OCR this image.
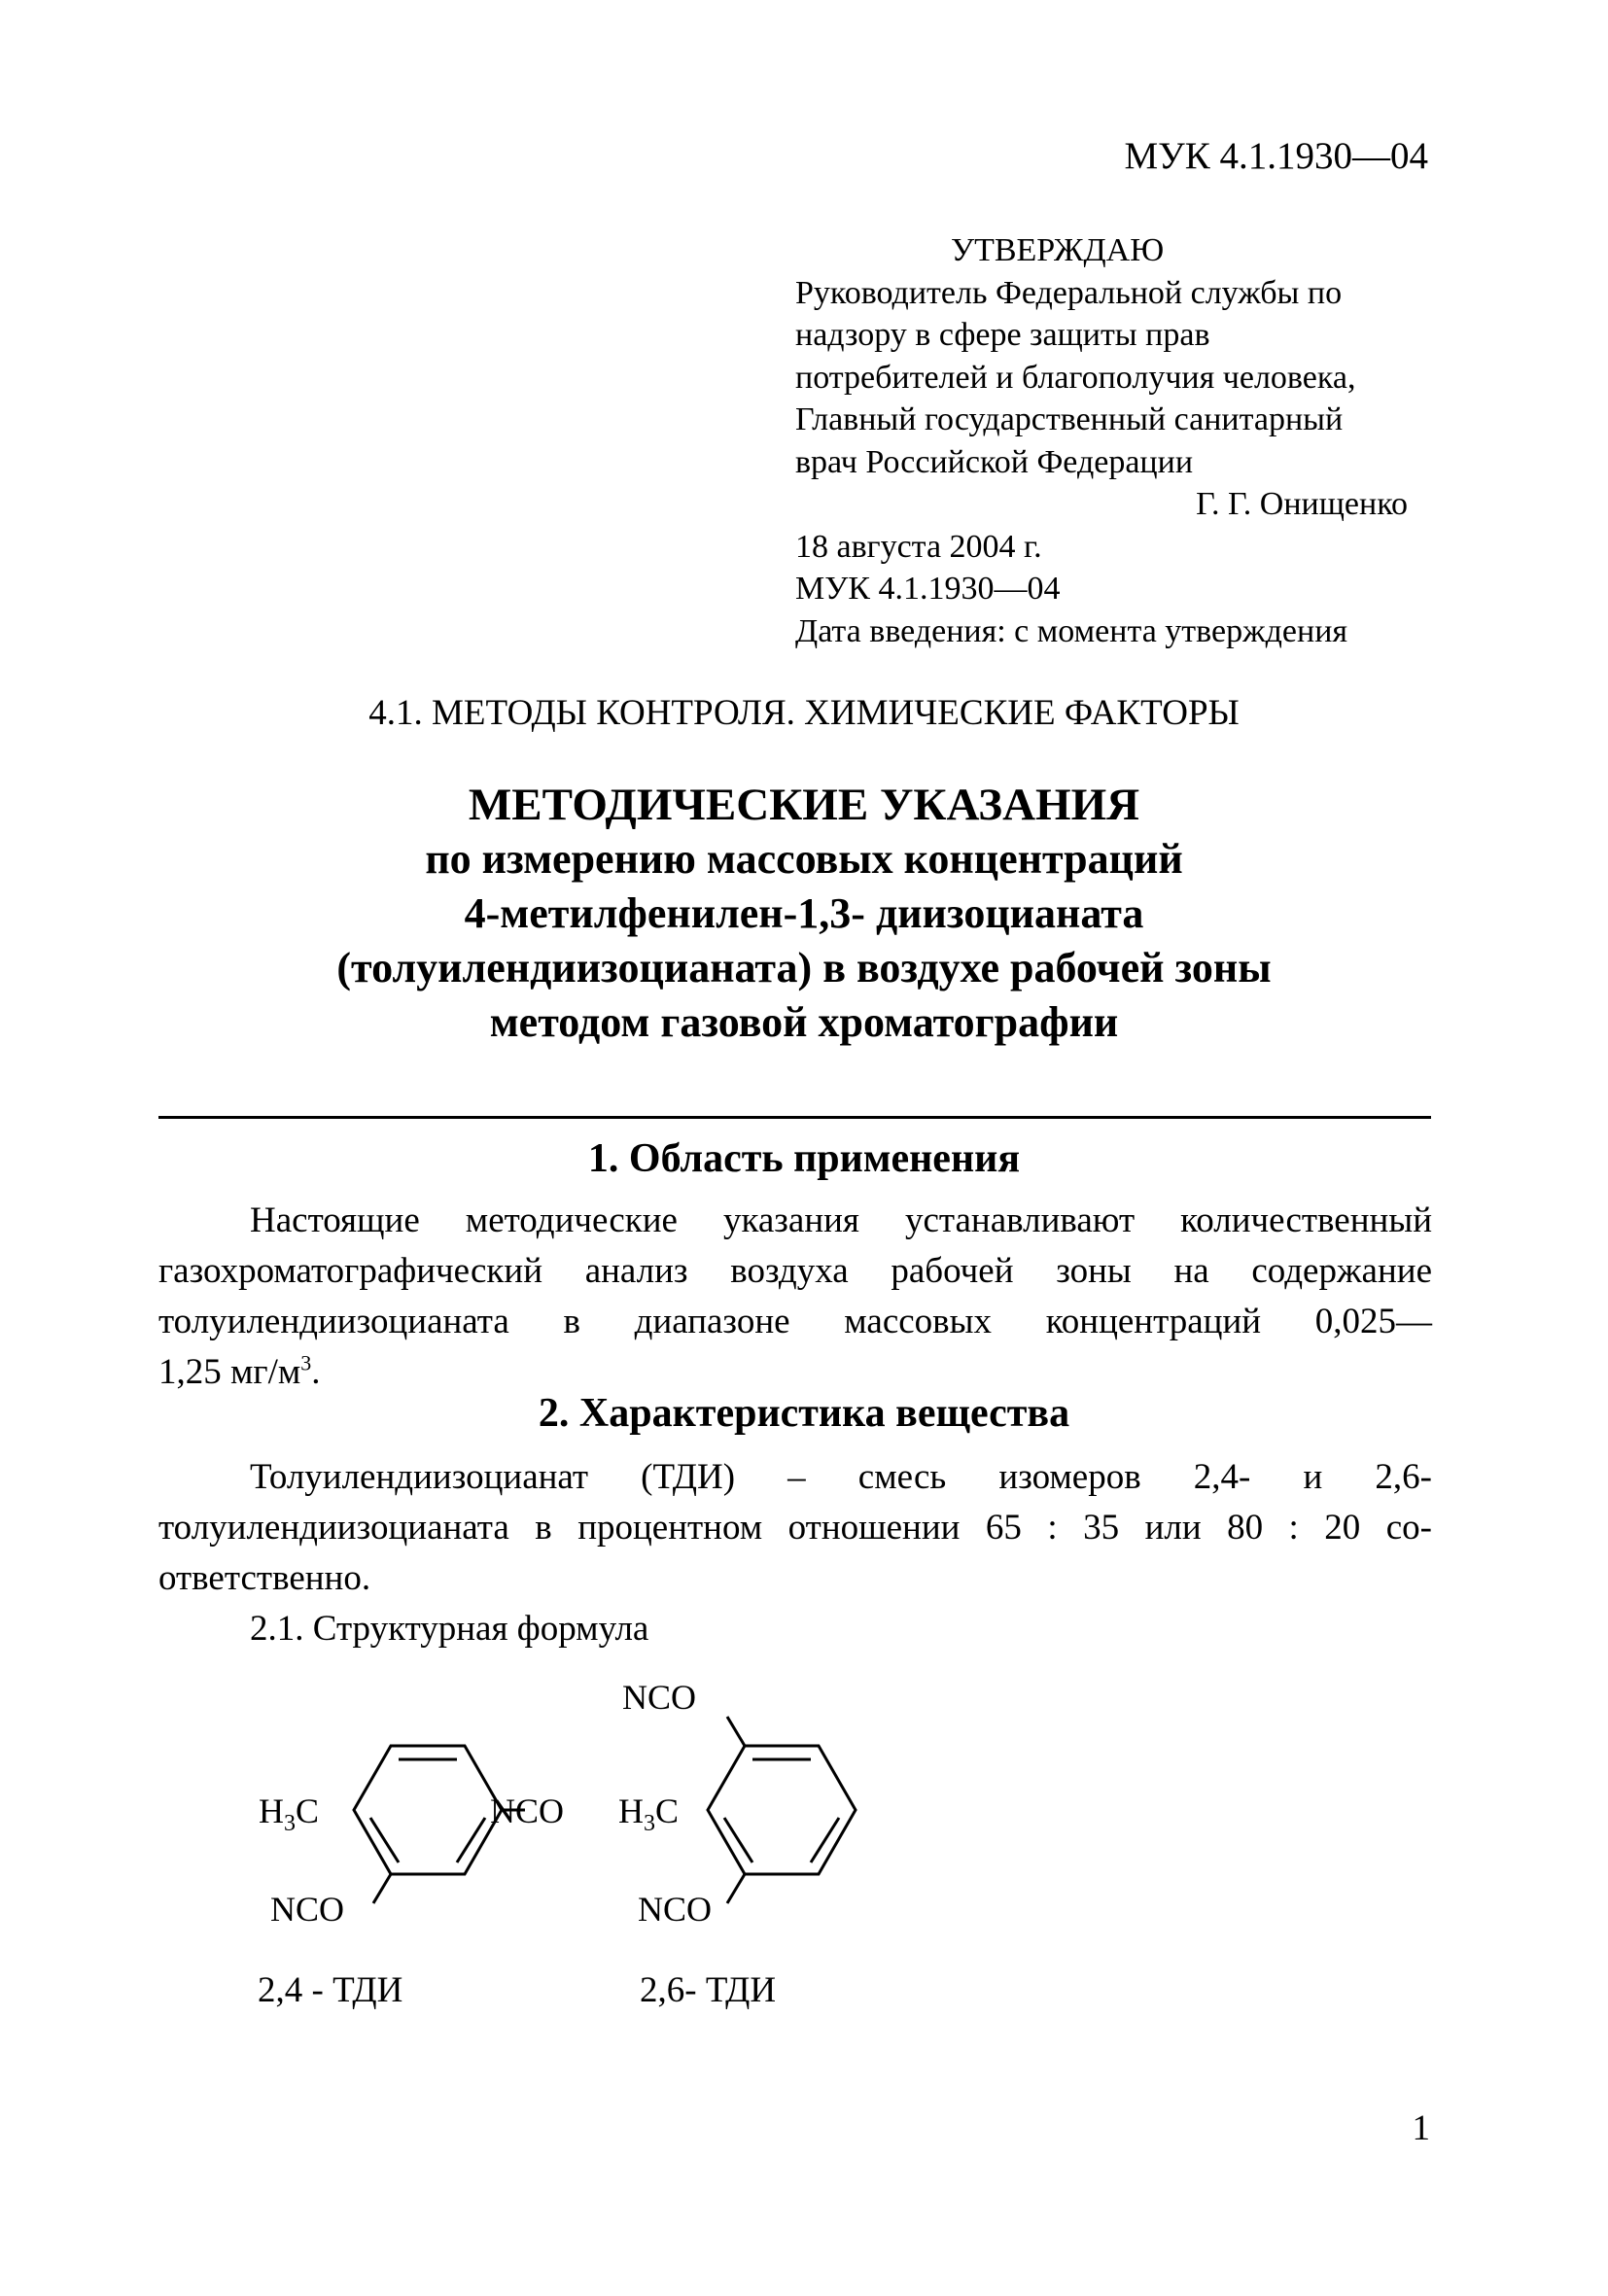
МУК 4.1.1930—04
УТВЕРЖДАЮ
Руководитель Федеральной службы по
надзору в сфере защиты прав
потребителей и благополучия человека,
Главный государственный санитарный
врач Российской Федерации
Г. Г. Онищенко
18 августа 2004 г.
МУК 4.1.1930—04
Дата введения: с момента утверждения
4.1. МЕТОДЫ КОНТРОЛЯ. ХИМИЧЕСКИЕ ФАКТОРЫ
МЕТОДИЧЕСКИЕ УКАЗАНИЯ
по измерению массовых концентраций
4-метилфенилен-1,3- диизоцианата
(толуилендиизоцианата) в воздухе рабочей зоны
методом газовой хроматографии
1. Область применения
Настоящие методические указания устанавливают количественный
газохроматографический анализ воздуха рабочей зоны на содержание
толуилендиизоцианата в диапазоне массовых концентраций 0,025—
1,25 $мг/м^3$.
2. Характеристика вещества
Толуилендиизоцианат (ТДИ) – смесь изомеров 2,4- и 2,6-
толуилендиизоцианата в процентном отношении 65 : 35 или 80 : 20 со-
ответственно.
2.1. Структурная формула
$H_3C$	NCO
NCO
NCO
$H_3C$
NCO
2,4 - ТДИ	2,6- ТДИ
1
